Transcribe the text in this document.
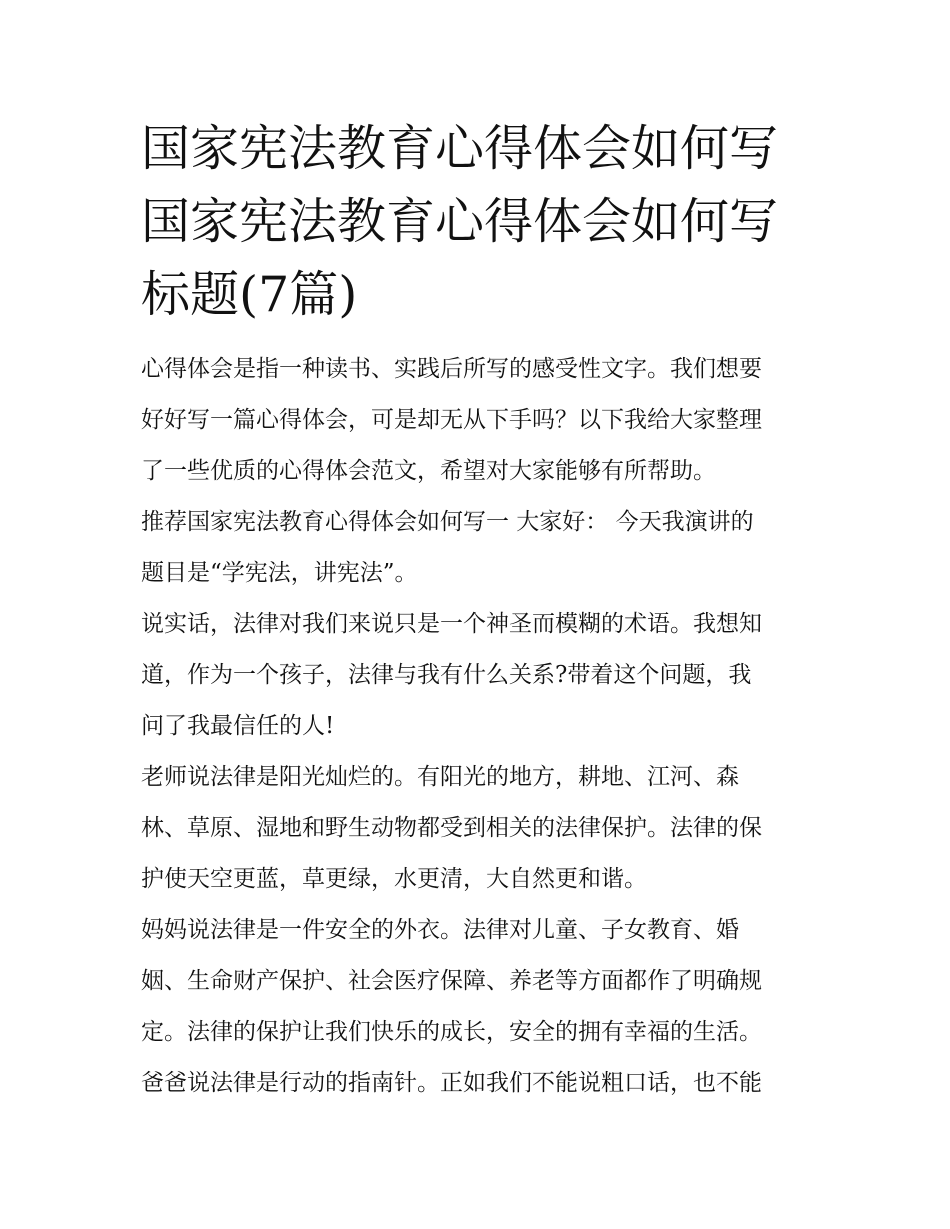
国家宪法教育心得体会如何写
国家宪法教育心得体会如何写
标题(7篇)

心得体会是指一种读书、实践后所写的感受性文字。我们想要
好好写一篇心得体会，可是却无从下手吗？以下我给大家整理
了一些优质的心得体会范文，希望对大家能够有所帮助。

推荐国家宪法教育心得体会如何写一 大家好： 今天我演讲的
题目是“学宪法，讲宪法”。

说实话，法律对我们来说只是一个神圣而模糊的术语。我想知
道，作为一个孩子，法律与我有什么关系?带着这个问题，我
问了我最信任的人!

老师说法律是阳光灿烂的。有阳光的地方，耕地、江河、森
林、草原、湿地和野生动物都受到相关的法律保护。法律的保
护使天空更蓝，草更绿，水更清，大自然更和谐。

妈妈说法律是一件安全的外衣。法律对儿童、子女教育、婚
姻、生命财产保护、社会医疗保障、养老等方面都作了明确规
定。法律的保护让我们快乐的成长，安全的拥有幸福的生活。

爸爸说法律是行动的指南针。正如我们不能说粗口话，也不能
